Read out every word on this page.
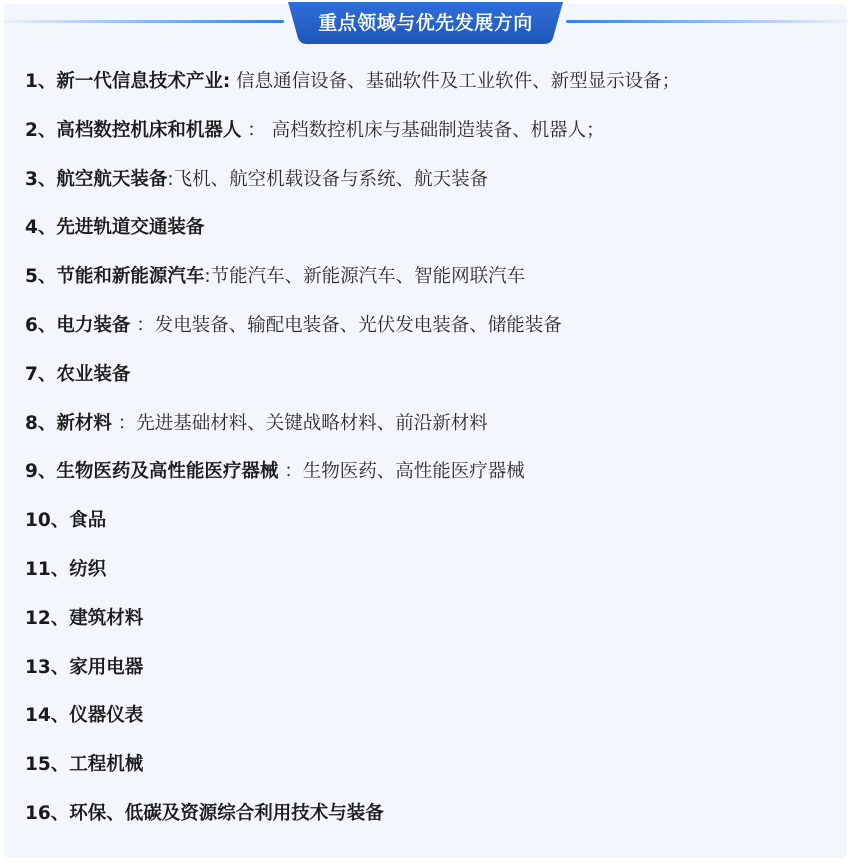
重点领域与优先发展方向
1、新一代信息技术产业: 信息通信设备、基础软件及工业软件、新型显示设备；
2、高档数控机床和机器人 ： 高档数控机床与基础制造装备、机器人；
3、航空航天装备:飞机、航空机载设备与系统、航天装备
4、先进轨道交通装备
5、节能和新能源汽车:节能汽车、新能源汽车、智能网联汽车
6、电力装备 ：发电装备、输配电装备、光伏发电装备、储能装备
7、农业装备
8、新材料 ：先进基础材料、关键战略材料、前沿新材料
9、生物医药及高性能医疗器械 ：生物医药、高性能医疗器械
10、食品
11、纺织
12、建筑材料
13、家用电器
14、仪器仪表
15、工程机械
16、环保、低碳及资源综合利用技术与装备
